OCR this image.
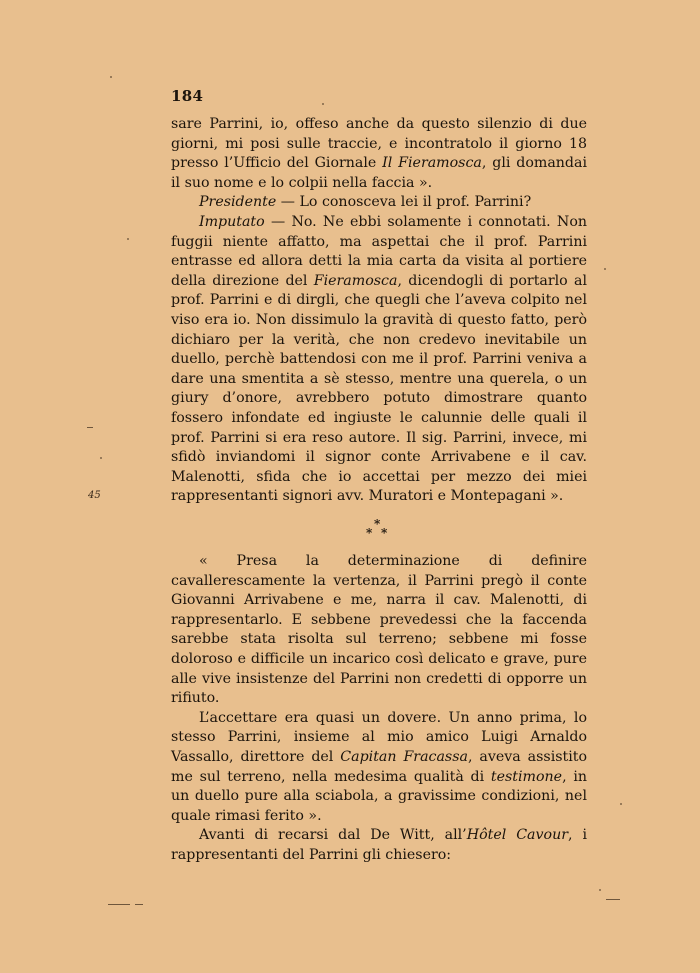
184

sare Parrini, io, offeso anche da questo silenzio di due giorni, mi posi sulle traccie, e incontratolo il giorno 18 presso l’Ufficio del Giornale Il Fieramosca, gli domandai il suo nome e lo colpii nella faccia ».

Presidente — Lo conosceva lei il prof. Parrini?

Imputato — No. Ne ebbi solamente i connotati. Non fuggii niente affatto, ma aspettai che il prof. Parrini entrasse ed allora detti la mia carta da visita al portiere della direzione del Fieramosca, dicendogli di portarlo al prof. Parrini e di dirgli, che quegli che l’aveva colpito nel viso era io. Non dissimulo la gravità di questo fatto, però dichiaro per la verità, che non credevo inevitabile un duello, perchè battendosi con me il prof. Parrini veniva a dare una smentita a sè stesso, mentre una querela, o un giury d’onore, avrebbero potuto dimostrare quanto fossero infondate ed ingiuste le calunnie delle quali il prof. Parrini si era reso autore. Il sig. Parrini, invece, mi sfidò inviandomi il signor conte Arrivabene e il cav. Malenotti, sfida che io accettai per mezzo dei miei rappresentanti signori avv. Muratori e Montepagani ».

*
* *

« Presa la determinazione di definire cavallerescamente la vertenza, il Parrini pregò il conte Giovanni Arrivabene e me, narra il cav. Malenotti, di rappresentarlo. E sebbene prevedessi che la faccenda sarebbe stata risolta sul terreno; sebbene mi fosse doloroso e difficile un incarico così delicato e grave, pure alle vive insistenze del Parrini non credetti di opporre un rifiuto.

L’accettare era quasi un dovere. Un anno prima, lo stesso Parrini, insieme al mio amico Luigi Arnaldo Vassallo, direttore del Capitan Fracassa, aveva assistito me sul terreno, nella medesima qualità di testimone, in un duello pure alla sciabola, a gravissime condizioni, nel quale rimasi ferito ».

Avanti di recarsi dal De Witt, all’Hôtel Cavour, i rappresentanti del Parrini gli chiesero:

45
